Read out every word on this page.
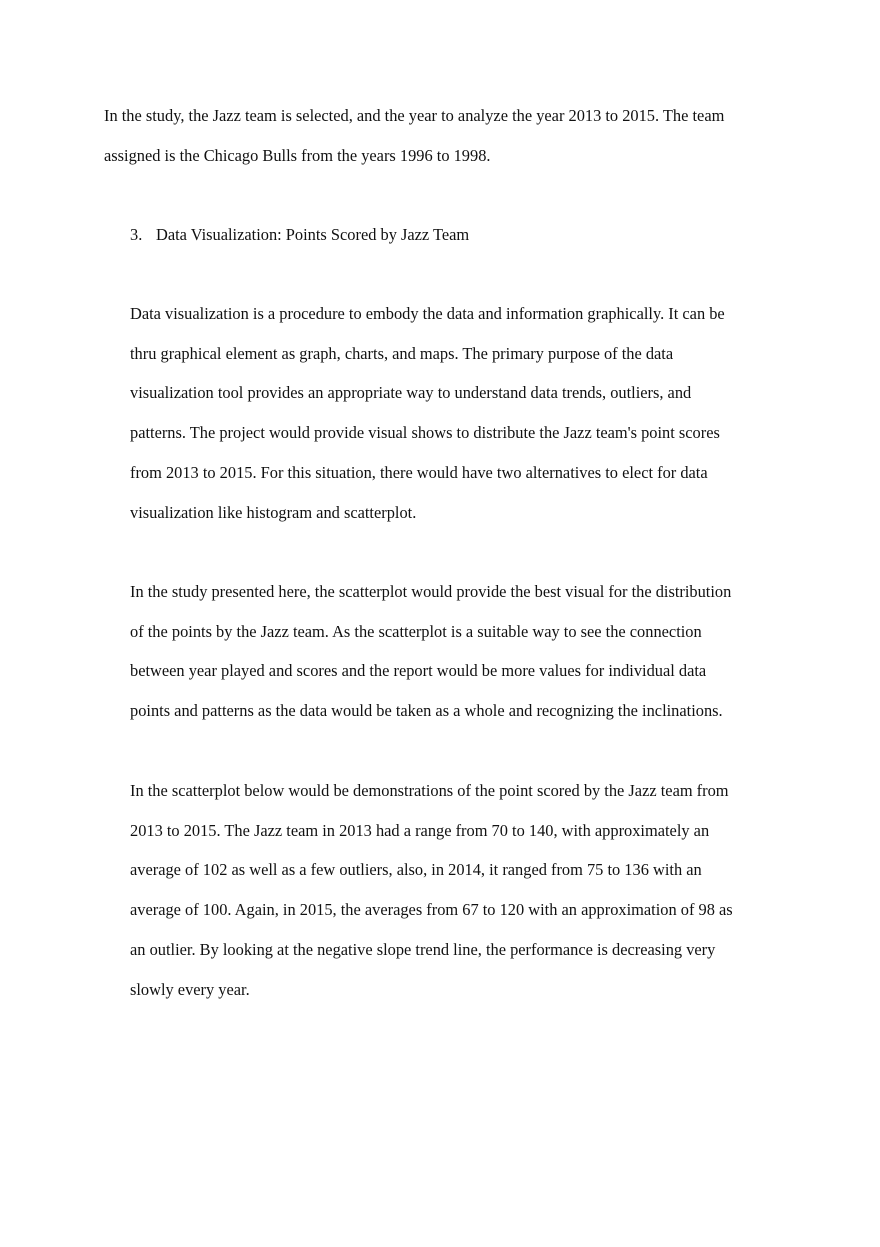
In the study, the Jazz team is selected, and the year to analyze the year 2013 to 2015. The team
assigned is the Chicago Bulls from the years 1996 to 1998.

3. Data Visualization: Points Scored by Jazz Team

Data visualization is a procedure to embody the data and information graphically. It can be
thru graphical element as graph, charts, and maps. The primary purpose of the data
visualization tool provides an appropriate way to understand data trends, outliers, and
patterns. The project would provide visual shows to distribute the Jazz team's point scores
from 2013 to 2015. For this situation, there would have two alternatives to elect for data
visualization like histogram and scatterplot.

In the study presented here, the scatterplot would provide the best visual for the distribution
of the points by the Jazz team. As the scatterplot is a suitable way to see the connection
between year played and scores and the report would be more values for individual data
points and patterns as the data would be taken as a whole and recognizing the inclinations.

In the scatterplot below would be demonstrations of the point scored by the Jazz team from
2013 to 2015. The Jazz team in 2013 had a range from 70 to 140, with approximately an
average of 102 as well as a few outliers, also, in 2014, it ranged from 75 to 136 with an
average of 100. Again, in 2015, the averages from 67 to 120 with an approximation of 98 as
an outlier. By looking at the negative slope trend line, the performance is decreasing very
slowly every year.
